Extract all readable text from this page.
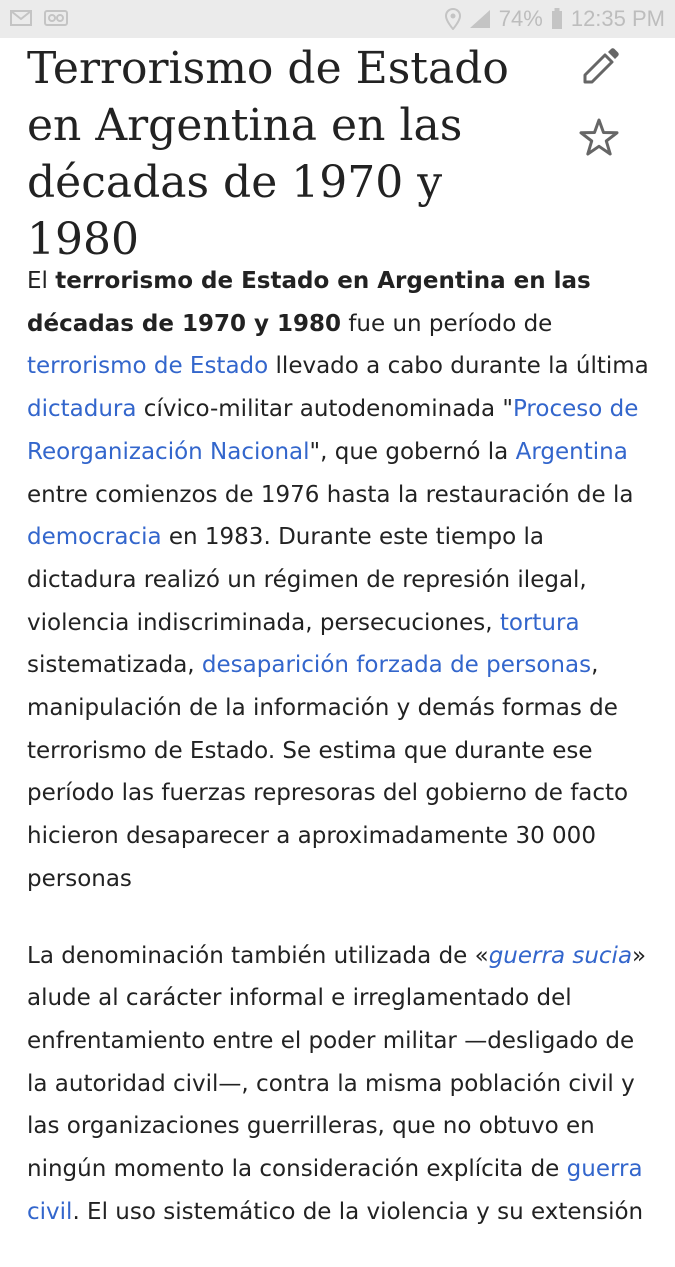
74% 12:35 PM
Terrorismo de Estado en Argentina en las décadas de 1970 y 1980

El terrorismo de Estado en Argentina en las décadas de 1970 y 1980 fue un período de terrorismo de Estado llevado a cabo durante la última dictadura cívico-militar autodenominada "Proceso de Reorganización Nacional", que gobernó la Argentina entre comienzos de 1976 hasta la restauración de la democracia en 1983. Durante este tiempo la dictadura realizó un régimen de represión ilegal, violencia indiscriminada, persecuciones, tortura sistematizada, desaparición forzada de personas, manipulación de la información y demás formas de terrorismo de Estado. Se estima que durante ese período las fuerzas represoras del gobierno de facto hicieron desaparecer a aproximadamente 30 000 personas

La denominación también utilizada de «guerra sucia» alude al carácter informal e irreglamentado del enfrentamiento entre el poder militar —desligado de la autoridad civil—, contra la misma población civil y las organizaciones guerrilleras, que no obtuvo en ningún momento la consideración explícita de guerra civil. El uso sistemático de la violencia y su extensión
